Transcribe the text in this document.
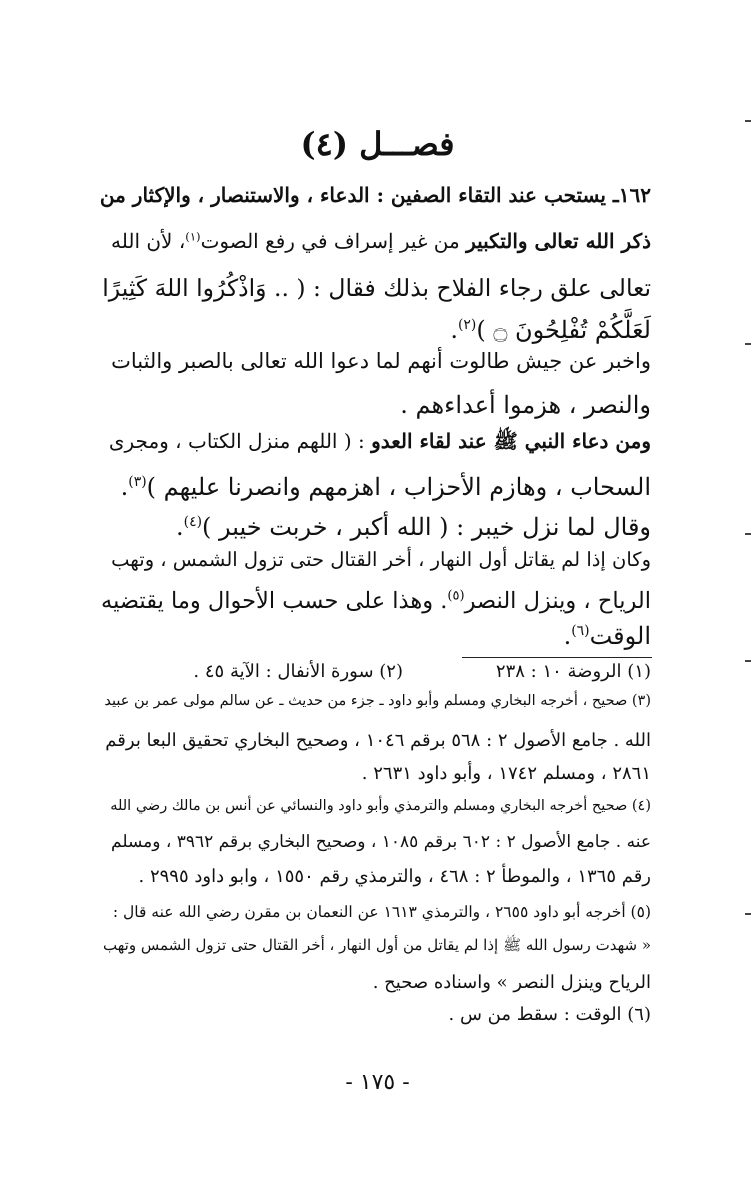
فصـــل (٤)
١٦٢ـ يستحب عند التقاء الصفين : الدعاء ، والاستنصار ، والإكثار من
ذكر الله تعالى والتكبير من غير إسراف في رفع الصوت$^{(١)}$، لأن الله
تعالى علق رجاء الفلاح بذلك فقال : ( .. وَاذْكُرُوا اللهَ كَثِيرًا
لَعَلَّكُمْ تُفْلِحُونَ ۝ )$^{(٢)}$.
واخبر عن جيش طالوت أنهم لما دعوا الله تعالى بالصبر والثبات
والنصر ، هزموا أعداءهم .
ومن دعاء النبي ﷺ عند لقاء العدو : ( اللهم منزل الكتاب ، ومجرى
السحاب ، وهازم الأحزاب ، اهزمهم وانصرنا عليهم )$^{(٣)}$.
وقال لما نزل خيبر : ( الله أكبر ، خربت خيبر )$^{(٤)}$.
وكان إذا لم يقاتل أول النهار ، أخر القتال حتى تزول الشمس ، وتهب
الرياح ، وينزل النصر$^{(٥)}$. وهذا على حسب الأحوال وما يقتضيه
الوقت$^{(٦)}$.
(١) الروضة ١٠ : ٢٣٨
(٢) سورة الأنفال : الآية ٤٥ .
(٣) صحيح ، أخرجه البخاري ومسلم وأبو داود ـ جزء من حديث ـ عن سالم مولى عمر بن عبيد
الله . جامع الأصول ٢ : ٥٦٨ برقم ١٠٤٦ ، وصحيح البخاري تحقيق البعا برقم
٢٨٦١ ، ومسلم ١٧٤٢ ، وأبو داود ٢٦٣١ .
(٤) صحيح أخرجه البخاري ومسلم والترمذي وأبو داود والنسائي عن أنس بن مالك رضي الله
عنه . جامع الأصول ٢ : ٦٠٢ برقم ١٠٨٥ ، وصحيح البخاري برقم ٣٩٦٢ ، ومسلم
رقم ١٣٦٥ ، والموطأ ٢ : ٤٦٨ ، والترمذي رقم ١٥٥٠ ، وابو داود ٢٩٩٥ .
(٥) أخرجه أبو داود ٢٦٥٥ ، والترمذي ١٦١٣ عن النعمان بن مقرن رضي الله عنه قال :
« شهدت رسول الله ﷺ إذا لم يقاتل من أول النهار ، أخر القتال حتى تزول الشمس وتهب
الرياح وينزل النصر » واسناده صحيح .
(٦) الوقت : سقط من س .
- ١٧٥ -
